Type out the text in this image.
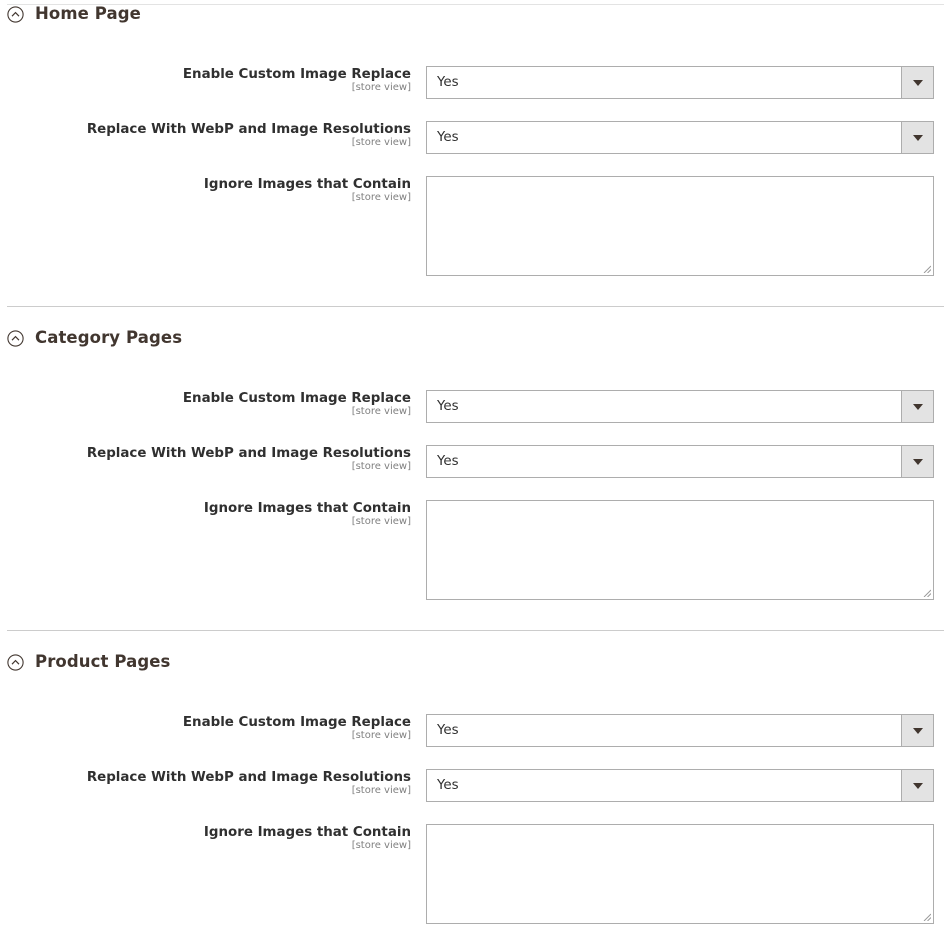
Home Page
Enable Custom Image Replace
[store view] Yes
Replace With WebP and Image Resolutions
[store view] Yes
Ignore Images that Contain
[store view]
Category Pages
Enable Custom Image Replace
[store view] Yes
Replace With WebP and Image Resolutions
[store view] Yes
Ignore Images that Contain
[store view]
Product Pages
Enable Custom Image Replace
[store view] Yes
Replace With WebP and Image Resolutions
[store view] Yes
Ignore Images that Contain
[store view]
